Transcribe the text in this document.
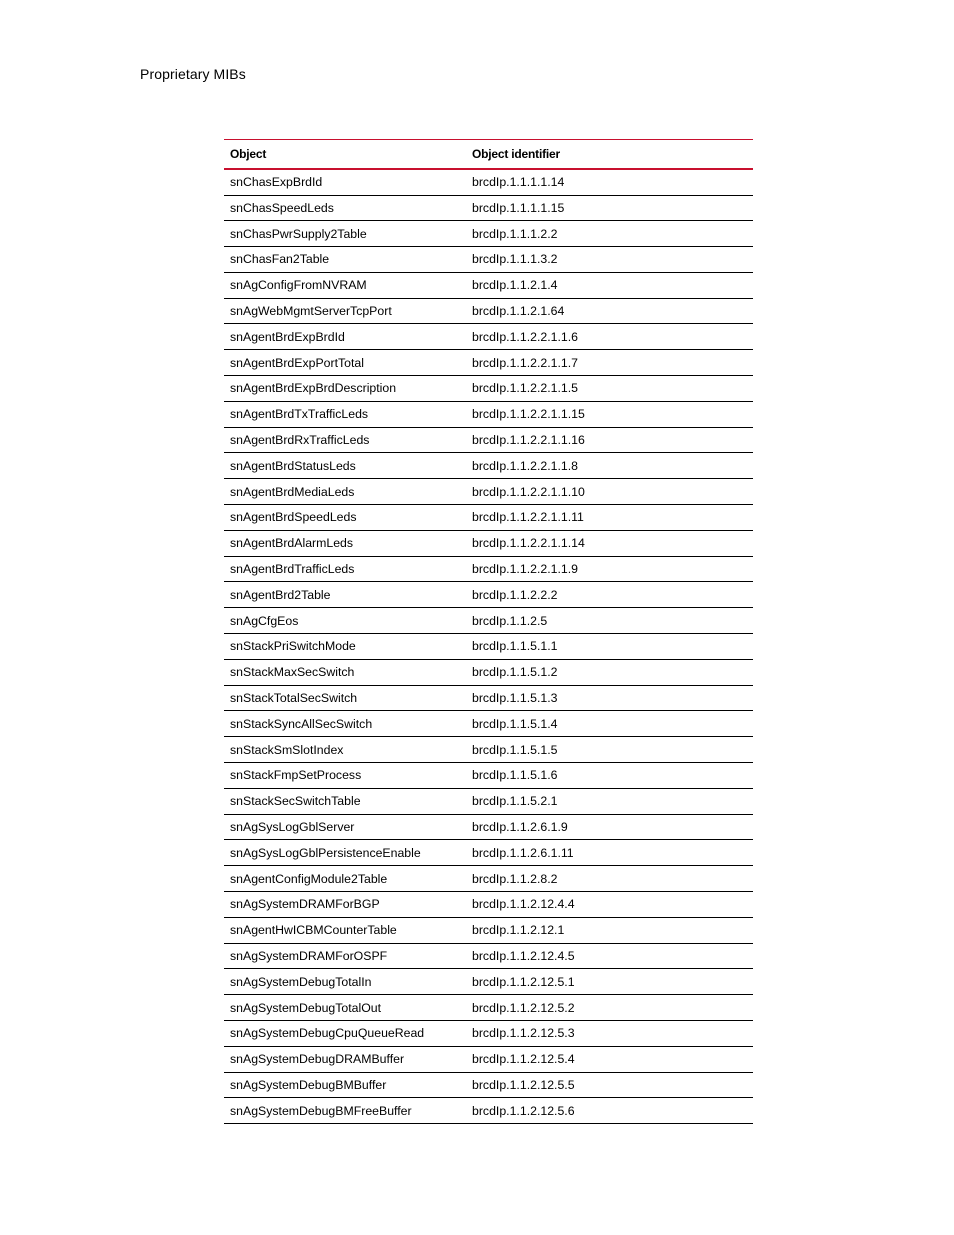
Proprietary MIBs
Object	Object identifier
snChasExpBrdId	brcdIp.1.1.1.1.14
snChasSpeedLeds	brcdIp.1.1.1.1.15
snChasPwrSupply2Table	brcdIp.1.1.1.2.2
snChasFan2Table	brcdIp.1.1.1.3.2
snAgConfigFromNVRAM	brcdIp.1.1.2.1.4
snAgWebMgmtServerTcpPort	brcdIp.1.1.2.1.64
snAgentBrdExpBrdId	brcdIp.1.1.2.2.1.1.6
snAgentBrdExpPortTotal	brcdIp.1.1.2.2.1.1.7
snAgentBrdExpBrdDescription	brcdIp.1.1.2.2.1.1.5
snAgentBrdTxTrafficLeds	brcdIp.1.1.2.2.1.1.15
snAgentBrdRxTrafficLeds	brcdIp.1.1.2.2.1.1.16
snAgentBrdStatusLeds	brcdIp.1.1.2.2.1.1.8
snAgentBrdMediaLeds	brcdIp.1.1.2.2.1.1.10
snAgentBrdSpeedLeds	brcdIp.1.1.2.2.1.1.11
snAgentBrdAlarmLeds	brcdIp.1.1.2.2.1.1.14
snAgentBrdTrafficLeds	brcdIp.1.1.2.2.1.1.9
snAgentBrd2Table	brcdIp.1.1.2.2.2
snAgCfgEos	brcdIp.1.1.2.5
snStackPriSwitchMode	brcdIp.1.1.5.1.1
snStackMaxSecSwitch	brcdIp.1.1.5.1.2
snStackTotalSecSwitch	brcdIp.1.1.5.1.3
snStackSyncAllSecSwitch	brcdIp.1.1.5.1.4
snStackSmSlotIndex	brcdIp.1.1.5.1.5
snStackFmpSetProcess	brcdIp.1.1.5.1.6
snStackSecSwitchTable	brcdIp.1.1.5.2.1
snAgSysLogGblServer	brcdIp.1.1.2.6.1.9
snAgSysLogGblPersistenceEnable	brcdIp.1.1.2.6.1.11
snAgentConfigModule2Table	brcdIp.1.1.2.8.2
snAgSystemDRAMForBGP	brcdIp.1.1.2.12.4.4
snAgentHwICBMCounterTable	brcdIp.1.1.2.12.1
snAgSystemDRAMForOSPF	brcdIp.1.1.2.12.4.5
snAgSystemDebugTotalIn	brcdIp.1.1.2.12.5.1
snAgSystemDebugTotalOut	brcdIp.1.1.2.12.5.2
snAgSystemDebugCpuQueueRead	brcdIp.1.1.2.12.5.3
snAgSystemDebugDRAMBuffer	brcdIp.1.1.2.12.5.4
snAgSystemDebugBMBuffer	brcdIp.1.1.2.12.5.5
snAgSystemDebugBMFreeBuffer	brcdIp.1.1.2.12.5.6
